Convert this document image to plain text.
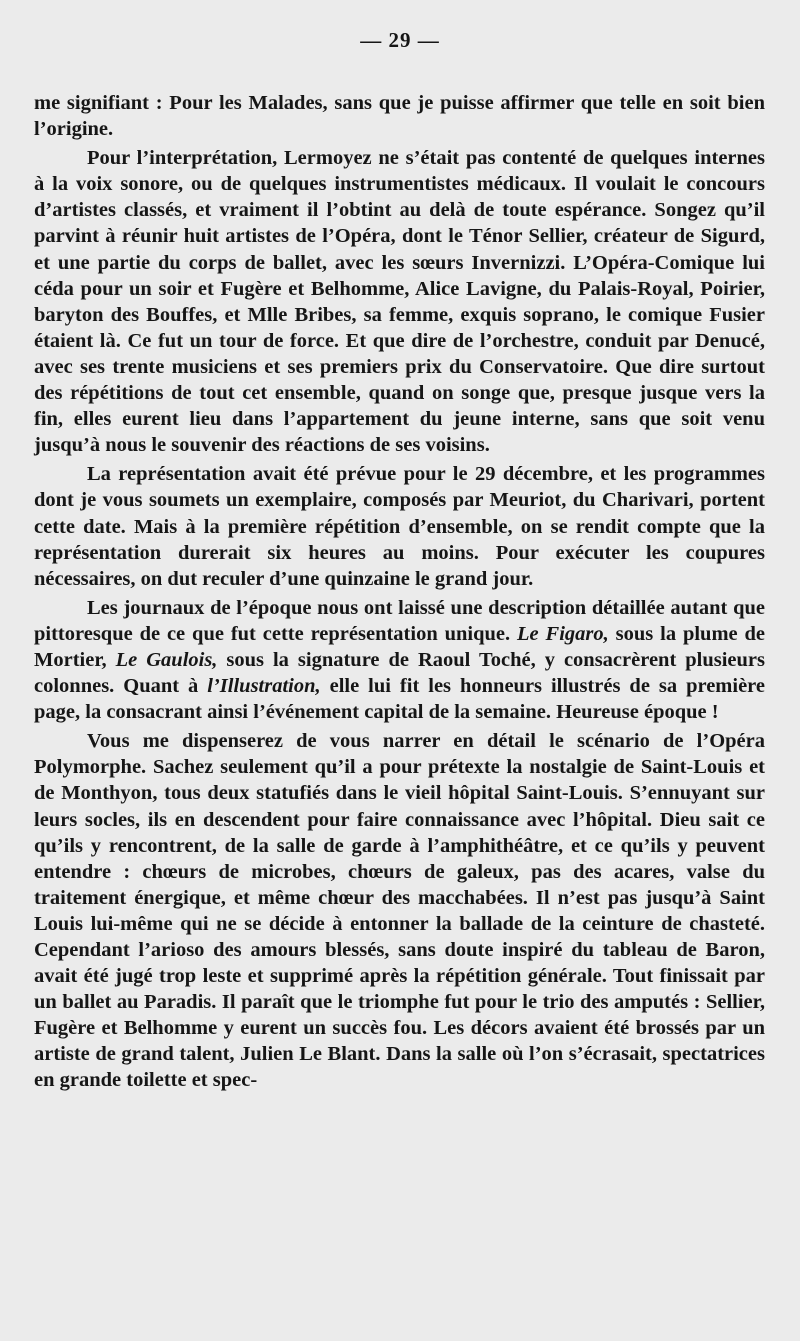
— 29 —

me signifiant : Pour les Malades, sans que je puisse affirmer que telle en soit bien l’origine.

Pour l’interprétation, Lermoyez ne s’était pas contenté de quelques internes à la voix sonore, ou de quelques instrumentistes médicaux. Il voulait le concours d’artistes classés, et vraiment il l’obtint au delà de toute espérance. Songez qu’il parvint à réunir huit artistes de l’Opéra, dont le Ténor Sellier, créateur de Sigurd, et une partie du corps de ballet, avec les sœurs Invernizzi. L’Opéra-Comique lui céda pour un soir et Fugère et Belhomme, Alice Lavigne, du Palais-Royal, Poirier, baryton des Bouffes, et Mlle Bribes, sa femme, exquis soprano, le comique Fusier étaient là. Ce fut un tour de force. Et que dire de l’orchestre, conduit par Denucé, avec ses trente musiciens et ses premiers prix du Conservatoire. Que dire surtout des répétitions de tout cet ensemble, quand on songe que, presque jusque vers la fin, elles eurent lieu dans l’appartement du jeune interne, sans que soit venu jusqu’à nous le souvenir des réactions de ses voisins.

La représentation avait été prévue pour le 29 décembre, et les programmes dont je vous soumets un exemplaire, composés par Meuriot, du Charivari, portent cette date. Mais à la première répétition d’ensemble, on se rendit compte que la représentation durerait six heures au moins. Pour exécuter les coupures nécessaires, on dut reculer d’une quinzaine le grand jour.

Les journaux de l’époque nous ont laissé une description détaillée autant que pittoresque de ce que fut cette représentation unique. Le Figaro, sous la plume de Mortier, Le Gaulois, sous la signature de Raoul Toché, y consacrèrent plusieurs colonnes. Quant à l’Illustration, elle lui fit les honneurs illustrés de sa première page, la consacrant ainsi l’événement capital de la semaine. Heureuse époque !

Vous me dispenserez de vous narrer en détail le scénario de l’Opéra Polymorphe. Sachez seulement qu’il a pour prétexte la nostalgie de Saint-Louis et de Monthyon, tous deux statufiés dans le vieil hôpital Saint-Louis. S’ennuyant sur leurs socles, ils en descendent pour faire connaissance avec l’hôpital. Dieu sait ce qu’ils y rencontrent, de la salle de garde à l’amphithéâtre, et ce qu’ils y peuvent entendre : chœurs de microbes, chœurs de galeux, pas des acares, valse du traitement énergique, et même chœur des macchabées. Il n’est pas jusqu’à Saint Louis lui-même qui ne se décide à entonner la ballade de la ceinture de chasteté. Cependant l’arioso des amours blessés, sans doute inspiré du tableau de Baron, avait été jugé trop leste et supprimé après la répétition générale. Tout finissait par un ballet au Paradis. Il paraît que le triomphe fut pour le trio des amputés : Sellier, Fugère et Belhomme y eurent un succès fou. Les décors avaient été brossés par un artiste de grand talent, Julien Le Blant. Dans la salle où l’on s’écrasait, spectatrices en grande toilette et spec-
